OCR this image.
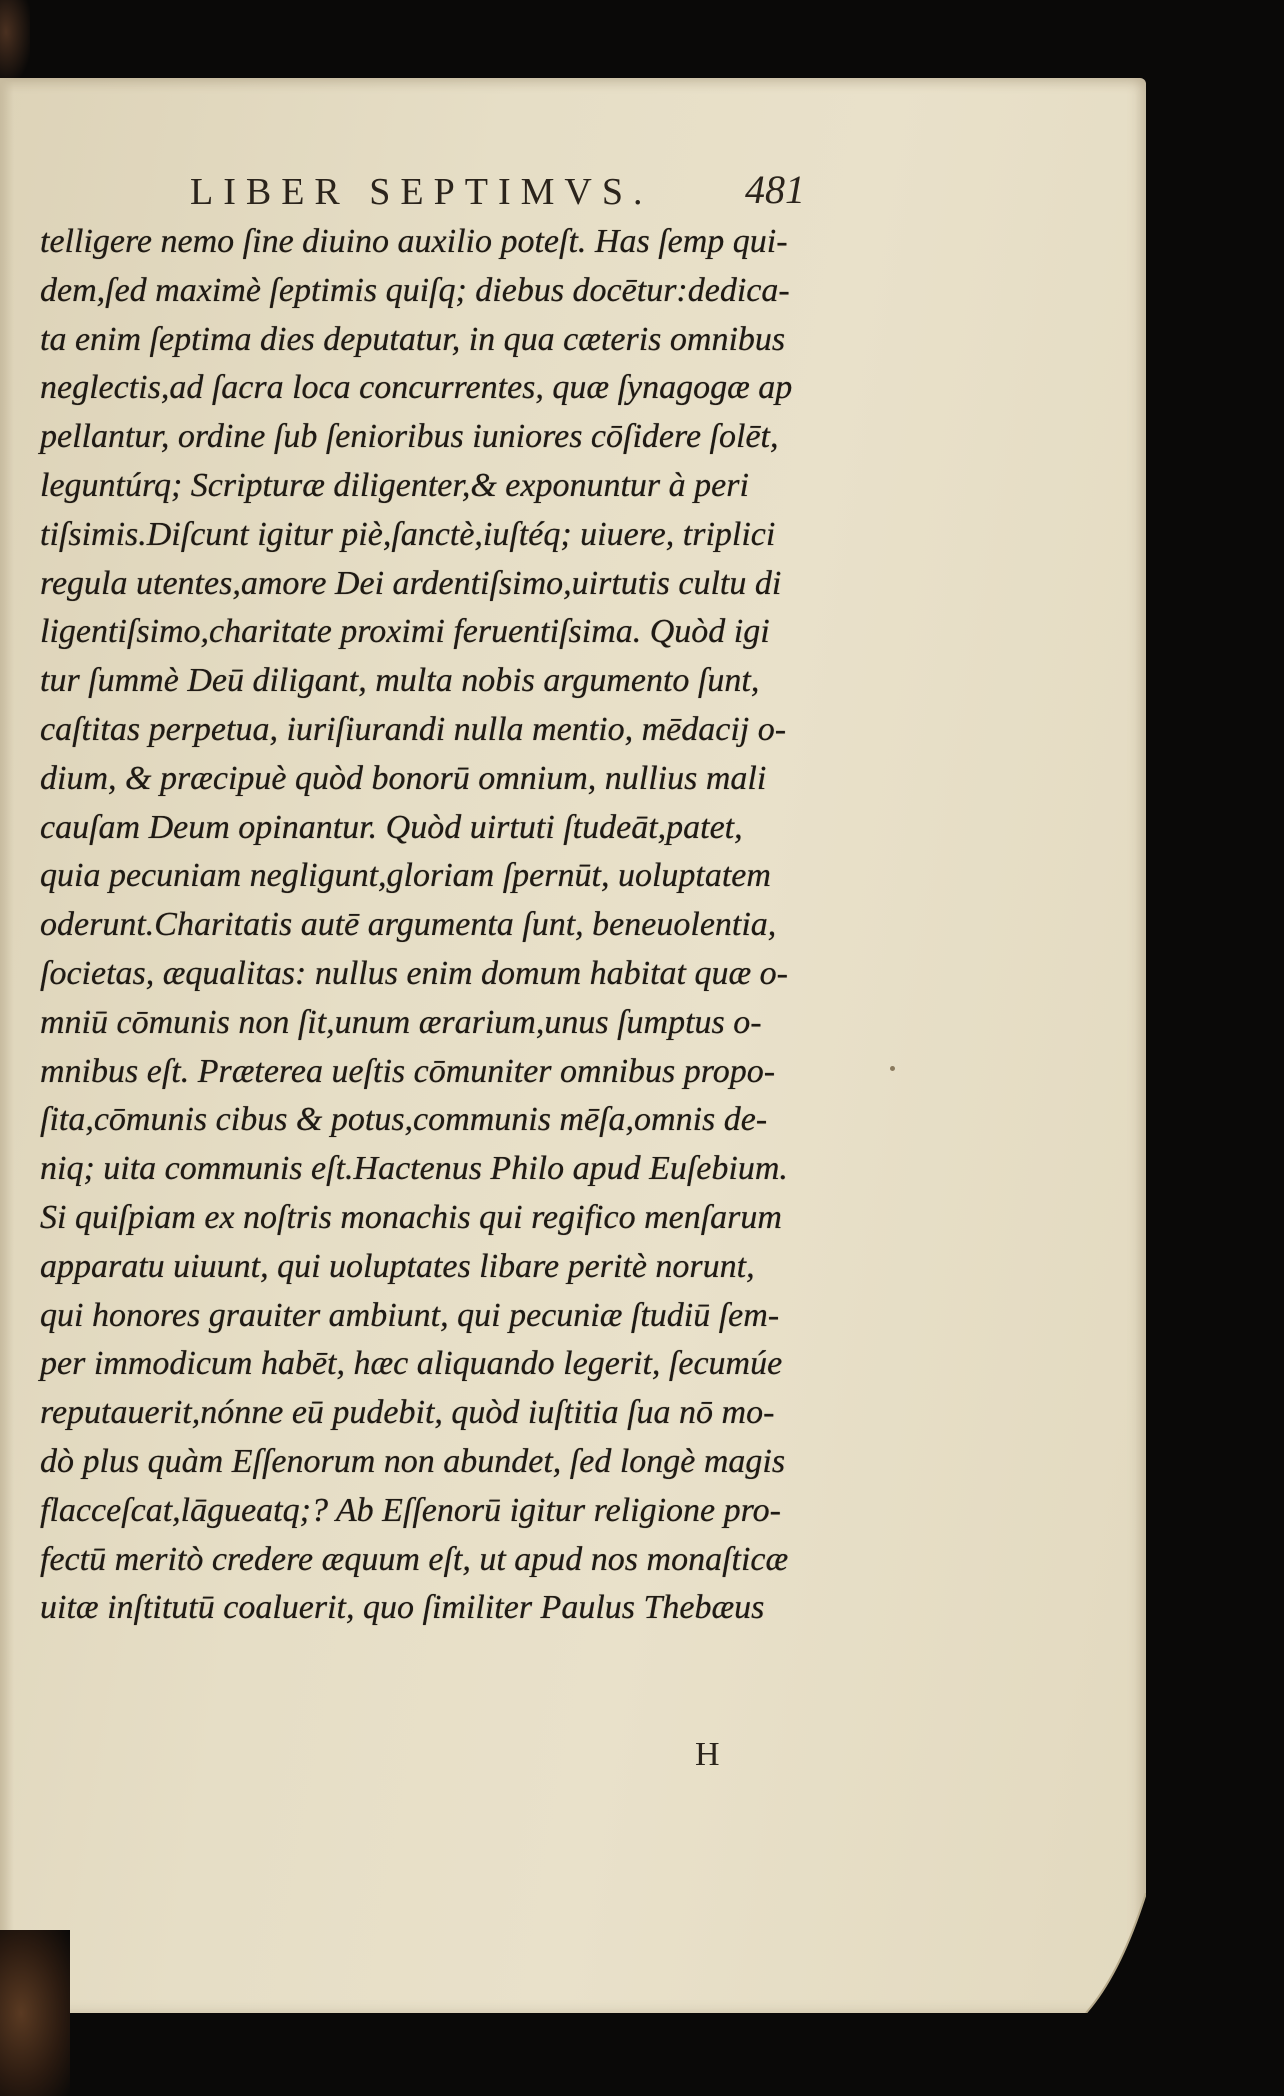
LIBER SEPTIMVS.	481
telligere nemo ſine diuino auxilio poteſt. Has ſemp qui-
dem,ſed maximè ſeptimis quiſq; diebus docētur:dedica-
ta enim ſeptima dies deputatur, in qua cæteris omnibus
neglectis,ad ſacra loca concurrentes, quæ ſynagogæ ap
pellantur, ordine ſub ſenioribus iuniores cōſidere ſolēt,
leguntúrq; Scripturæ diligenter,& exponuntur à peri
tiſsimis.Diſcunt igitur piè,ſanctè,iuſtéq; uiuere, triplici
regula utentes,amore Dei ardentiſsimo,uirtutis cultu di
ligentiſsimo,charitate proximi feruentiſsima. Quòd igi
tur ſummè Deū diligant, multa nobis argumento ſunt,
caſtitas perpetua, iuriſiurandi nulla mentio, mēdacij o-
dium, & præcipuè quòd bonorū omnium, nullius mali
cauſam Deum opinantur. Quòd uirtuti ſtudeāt,patet,
quia pecuniam negligunt,gloriam ſpernūt, uoluptatem
oderunt.Charitatis autē argumenta ſunt, beneuolentia,
ſocietas, æqualitas: nullus enim domum habitat quæ o-
mniū cōmunis non ſit,unum ærarium,unus ſumptus o-
mnibus eſt. Præterea ueſtis cōmuniter omnibus propo-
ſita,cōmunis cibus & potus,communis mēſa,omnis de-
niq; uita communis eſt.Hactenus Philo apud Euſebium.
Si quiſpiam ex noſtris monachis qui regifico menſarum
apparatu uiuunt, qui uoluptates libare peritè norunt,
qui honores grauiter ambiunt, qui pecuniæ ſtudiū ſem-
per immodicum habēt, hæc aliquando legerit, ſecumúe
reputauerit,nónne eū pudebit, quòd iuſtitia ſua nō mo-
dò plus quàm Eſſenorum non abundet, ſed longè magis
flacceſcat,lāgueatq;? Ab Eſſenorū igitur religione pro-
fectū meritò credere æquum eſt, ut apud nos monaſticæ
uitæ inſtitutū coaluerit, quo ſimiliter Paulus Thebæus
H
